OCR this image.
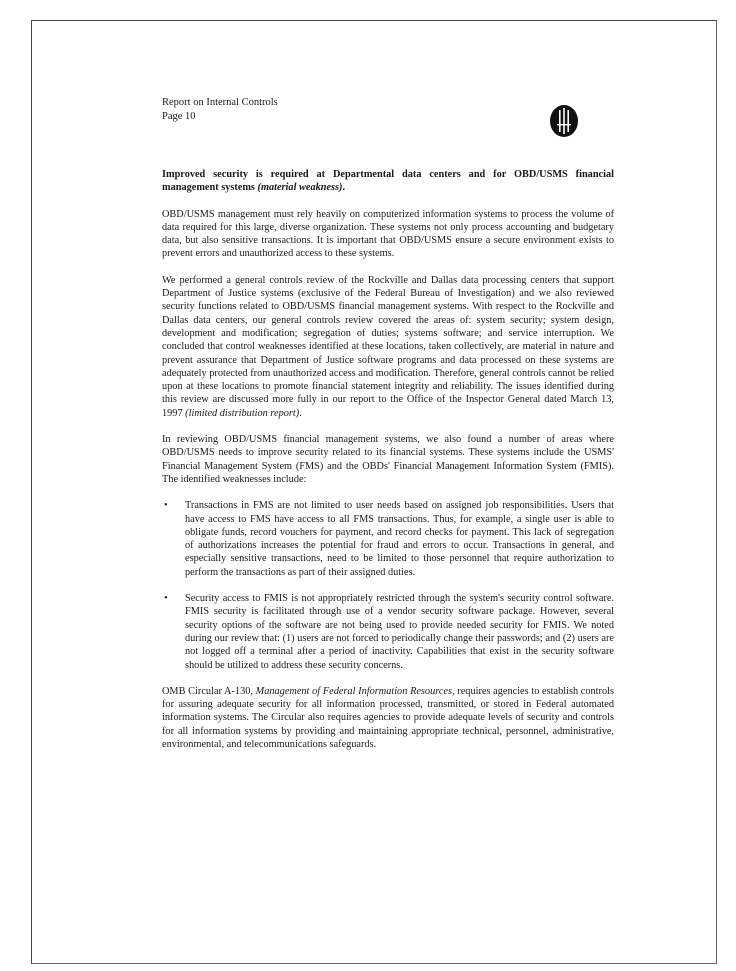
Report on Internal Controls
Page 10

Improved security is required at Departmental data centers and for OBD/USMS financial management systems (material weakness).

OBD/USMS management must rely heavily on computerized information systems to process the volume of data required for this large, diverse organization. These systems not only process accounting and budgetary data, but also sensitive transactions. It is important that OBD/USMS ensure a secure environment exists to prevent errors and unauthorized access to these systems.

We performed a general controls review of the Rockville and Dallas data processing centers that support Department of Justice systems (exclusive of the Federal Bureau of Investigation) and we also reviewed security functions related to OBD/USMS financial management systems. With respect to the Rockville and Dallas data centers, our general controls review covered the areas of: system security; system design, development and modification; segregation of duties; systems software; and service interruption. We concluded that control weaknesses identified at these locations, taken collectively, are material in nature and prevent assurance that Department of Justice software programs and data processed on these systems are adequately protected from unauthorized access and modification. Therefore, general controls cannot be relied upon at these locations to promote financial statement integrity and reliability. The issues identified during this review are discussed more fully in our report to the Office of the Inspector General dated March 13, 1997 (limited distribution report).

In reviewing OBD/USMS financial management systems, we also found a number of areas where OBD/USMS needs to improve security related to its financial systems. These systems include the USMS' Financial Management System (FMS) and the OBDs' Financial Management Information System (FMIS). The identified weaknesses include:

• Transactions in FMS are not limited to user needs based on assigned job responsibilities. Users that have access to FMS have access to all FMS transactions. Thus, for example, a single user is able to obligate funds, record vouchers for payment, and record checks for payment. This lack of segregation of authorizations increases the potential for fraud and errors to occur. Transactions in general, and especially sensitive transactions, need to be limited to those personnel that require authorization to perform the transactions as part of their assigned duties.
• Security access to FMIS is not appropriately restricted through the system's security control software. FMIS security is facilitated through use of a vendor security software package. However, several security options of the software are not being used to provide needed security for FMIS. We noted during our review that: (1) users are not forced to periodically change their passwords; and (2) users are not logged off a terminal after a period of inactivity. Capabilities that exist in the security software should be utilized to address these security concerns.

OMB Circular A-130, Management of Federal Information Resources, requires agencies to establish controls for assuring adequate security for all information processed, transmitted, or stored in Federal automated information systems. The Circular also requires agencies to provide adequate levels of security and controls for all information systems by providing and maintaining appropriate technical, personnel, administrative, environmental, and telecommunications safeguards.
